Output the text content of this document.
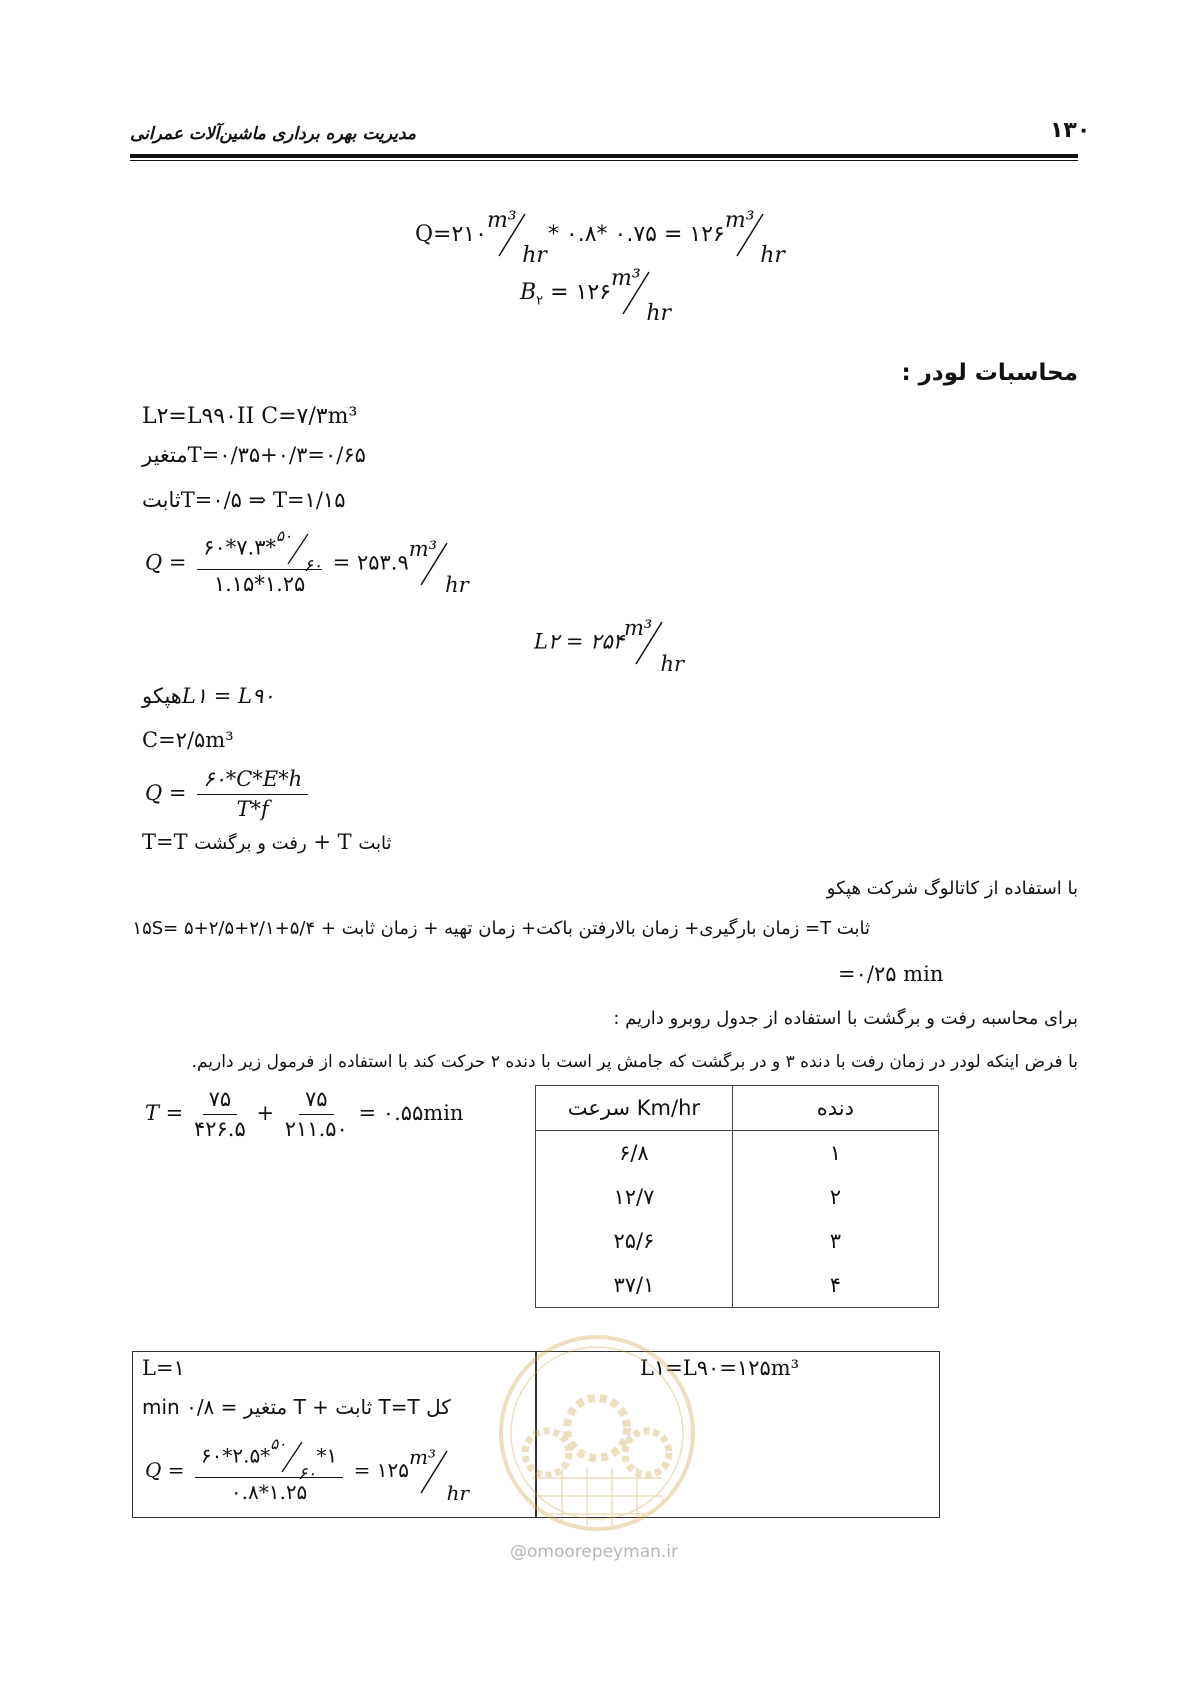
۱۳۰
مدیریت بهره برداری ماشین‌آلات عمرانی
Q=۲۱۰
m³
hr
* ۰.۸* ۰.۷۵ = ۱۲۶
m³
hr
$B_۲$ = ۱۲۶
m³
hr
محاسبات لودر :
L۲=L۹۹۰II C=۷/۳m³
متغیرT=۰/۳۵+۰/۳=۰/۶۵
ثابتT=۰/۵ ⇒ T=۱/۱۵
Q = ۶۰*۷.۳* ۵۰
۶۰
۱.۱۵*۱.۲۵ = ۲۵۳.۹
m³
hr
L۲ = ۲۵۴
m³
hr
هپکوL۱ = L۹۰
C=۲/۵m³
$Q = \frac{۶۰*C*E*h}{T*f}$
T=T رفت و برگشت + T ثابت
با استفاده از کاتالوگ شرکت هپکو
ثابت T= زمان بارگیری+ زمان بالارفتن باکت+ زمان تهیه + زمان ثابت + ۵/۴+۲/۱+۲/۵+۵ =۱۵S
=۰/۲۵ min
برای محاسبه رفت و برگشت با استفاده از جدول روبرو داریم :
با فرض اینکه لودر در زمان رفت با دنده ۳ و در برگشت که جامش پر است با دنده ۲ حرکت کند با استفاده از فرمول زیر داریم.
$T = \frac{۷۵}{۴۲۶.۵} + \frac{۷۵}{۲۱۱.۵۰}$ = ۰.۵۵min	سرعت Km/hr	دنده
۶/۸	۱
۱۲/۷	۲
۲۵/۶	۳
۳۷/۱	۴
L=۱
کل T=T ثابت + T متغیر = ۰/۸ min
Q = ۶۰*۲.۵* ۵۰
۶۰
*۱
۰.۸*۱.۲۵ = ۱۲۵
m³
hr
L۱=L۹۰=۱۲۵m³
@omoorepeyman.ir
